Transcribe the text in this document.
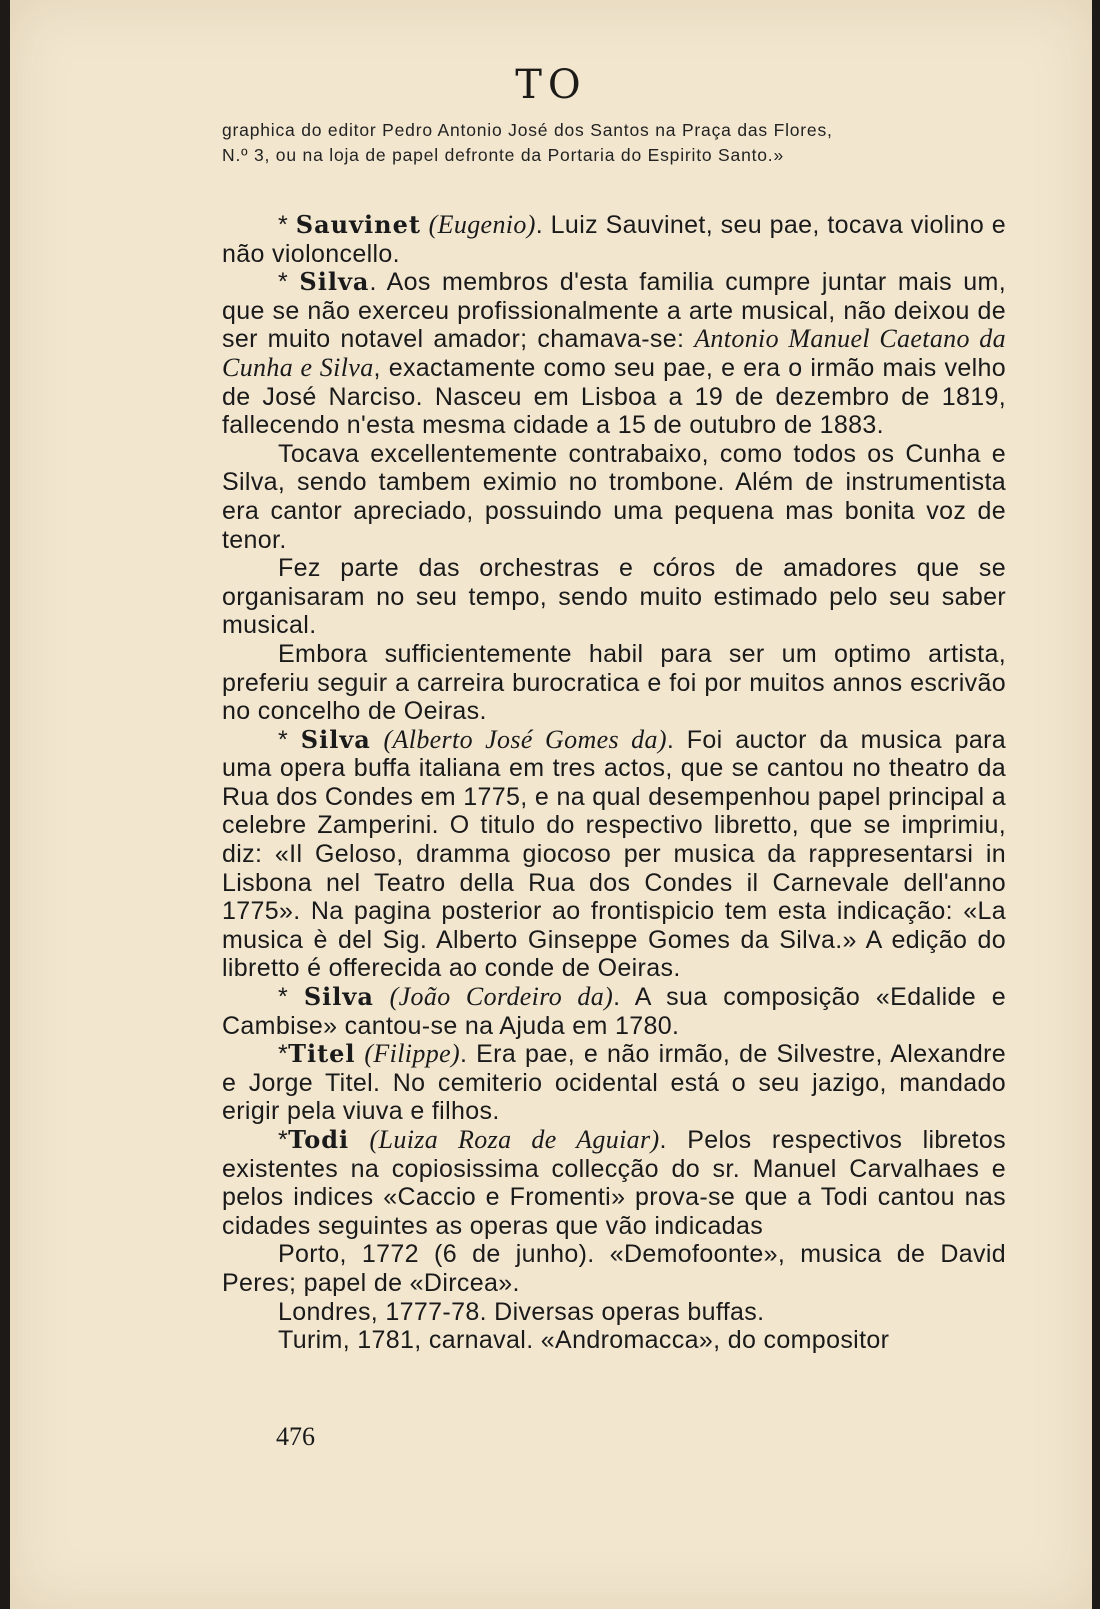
TO
graphica do editor Pedro Antonio José dos Santos na Praça das Flores,
N.º 3, ou na loja de papel defronte da Portaria do Espirito Santo.»

* Sauvinet (Eugenio). Luiz Sauvinet, seu pae, tocava violino e não violoncello.

* Silva. Aos membros d'esta familia cumpre juntar mais um, que se não exerceu profissionalmente a arte musical, não deixou de ser muito notavel amador; chamava-se: Antonio Manuel Caetano da Cunha e Silva, exactamente como seu pae, e era o irmão mais velho de José Narciso. Nasceu em Lisboa a 19 de dezembro de 1819, fallecendo n'esta mesma cidade a 15 de outubro de 1883.

Tocava excellentemente contrabaixo, como todos os Cunha e Silva, sendo tambem eximio no trombone. Além de instrumentista era cantor apreciado, possuindo uma pequena mas bonita voz de tenor.

Fez parte das orchestras e córos de amadores que se organisaram no seu tempo, sendo muito estimado pelo seu saber musical.

Embora sufficientemente habil para ser um optimo artista, preferiu seguir a carreira burocratica e foi por muitos annos escrivão no concelho de Oeiras.

* Silva (Alberto José Gomes da). Foi auctor da musica para uma opera buffa italiana em tres actos, que se cantou no theatro da Rua dos Condes em 1775, e na qual desempenhou papel principal a celebre Zamperini. O titulo do respectivo libretto, que se imprimiu, diz: «Il Geloso, dramma giocoso per musica da rappresentarsi in Lisbona nel Teatro della Rua dos Condes il Carnevale dell'anno 1775». Na pagina posterior ao frontispicio tem esta indicação: «La musica è del Sig. Alberto Ginseppe Gomes da Silva.» A edição do libretto é offerecida ao conde de Oeiras.

* Silva (João Cordeiro da). A sua composição «Edalide e Cambise» cantou-se na Ajuda em 1780.

*Titel (Filippe). Era pae, e não irmão, de Silvestre, Alexandre e Jorge Titel. No cemiterio ocidental está o seu jazigo, mandado erigir pela viuva e filhos.

*Todi (Luiza Roza de Aguiar). Pelos respectivos libretos existentes na copiosissima collecção do sr. Manuel Carvalhaes e pelos indices «Caccio e Fromenti» prova-se que a Todi cantou nas cidades seguintes as operas que vão indicadas

Porto, 1772 (6 de junho). «Demofoonte», musica de David Peres; papel de «Dircea».

Londres, 1777-78. Diversas operas buffas.

Turim, 1781, carnaval. «Andromacca», do compositor

476
